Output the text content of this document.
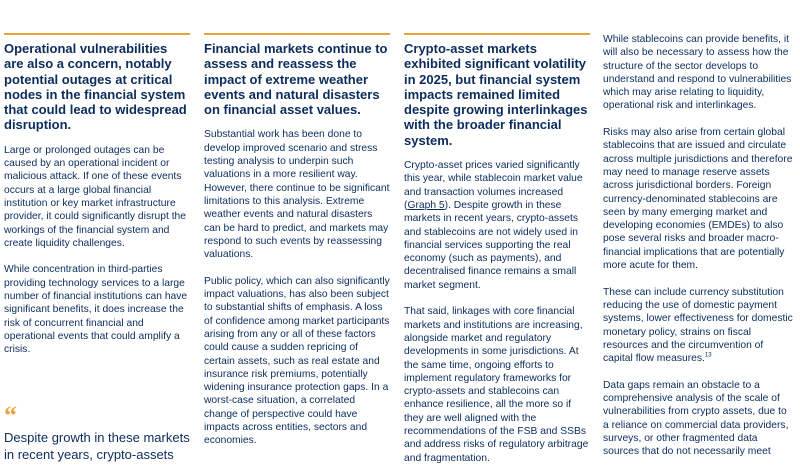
Operational vulnerabilities are also a concern, notably potential outages at critical nodes in the financial system that could lead to widespread disruption.

Large or prolonged outages can be caused by an operational incident or malicious attack. If one of these events occurs at a large global financial institution or key market infrastructure provider, it could significantly disrupt the workings of the financial system and create liquidity challenges.

While concentration in third-parties providing technology services to a large number of financial institutions can have significant benefits, it does increase the risk of concurrent financial and operational events that could amplify a crisis.

“
Despite growth in these markets in recent years, crypto-assets
Financial markets continue to assess and reassess the impact of extreme weather events and natural disasters on financial asset values.

Substantial work has been done to develop improved scenario and stress testing analysis to underpin such valuations in a more resilient way. However, there continue to be significant limitations to this analysis. Extreme weather events and natural disasters can be hard to predict, and markets may respond to such events by reassessing valuations.

Public policy, which can also significantly impact valuations, has also been subject to substantial shifts of emphasis. A loss of confidence among market participants arising from any or all of these factors could cause a sudden repricing of certain assets, such as real estate and insurance risk premiums, potentially widening insurance protection gaps. In a worst-case situation, a correlated change of perspective could have impacts across entities, sectors and economies.

Crypto-asset markets exhibited significant volatility in 2025, but financial system impacts remained limited despite growing interlinkages with the broader financial system.

Crypto-asset prices varied significantly this year, while stablecoin market value and transaction volumes increased (Graph 5). Despite growth in these markets in recent years, crypto-assets and stablecoins are not widely used in financial services supporting the real economy (such as payments), and decentralised finance remains a small market segment.

That said, linkages with core financial markets and institutions are increasing, alongside market and regulatory developments in some jurisdictions. At the same time, ongoing efforts to implement regulatory frameworks for crypto-assets and stablecoins can enhance resilience, all the more so if they are well aligned with the recommendations of the FSB and SSBs and address risks of regulatory arbitrage and fragmentation.

While stablecoins can provide benefits, it will also be necessary to assess how the structure of the sector develops to understand and respond to vulnerabilities which may arise relating to liquidity, operational risk and interlinkages.

Risks may also arise from certain global stablecoins that are issued and circulate across multiple jurisdictions and therefore may need to manage reserve assets across jurisdictional borders. Foreign currency-denominated stablecoins are seen by many emerging market and developing economies (EMDEs) to also pose several risks and broader macro-financial implications that are potentially more acute for them.

These can include currency substitution reducing the use of domestic payment systems, lower effectiveness for domestic monetary policy, strains on fiscal resources and the circumvention of capital flow measures.$^{13}$

Data gaps remain an obstacle to a comprehensive analysis of the scale of vulnerabilities from crypto assets, due to a reliance on commercial data providers, surveys, or other fragmented data sources that do not necessarily meet
